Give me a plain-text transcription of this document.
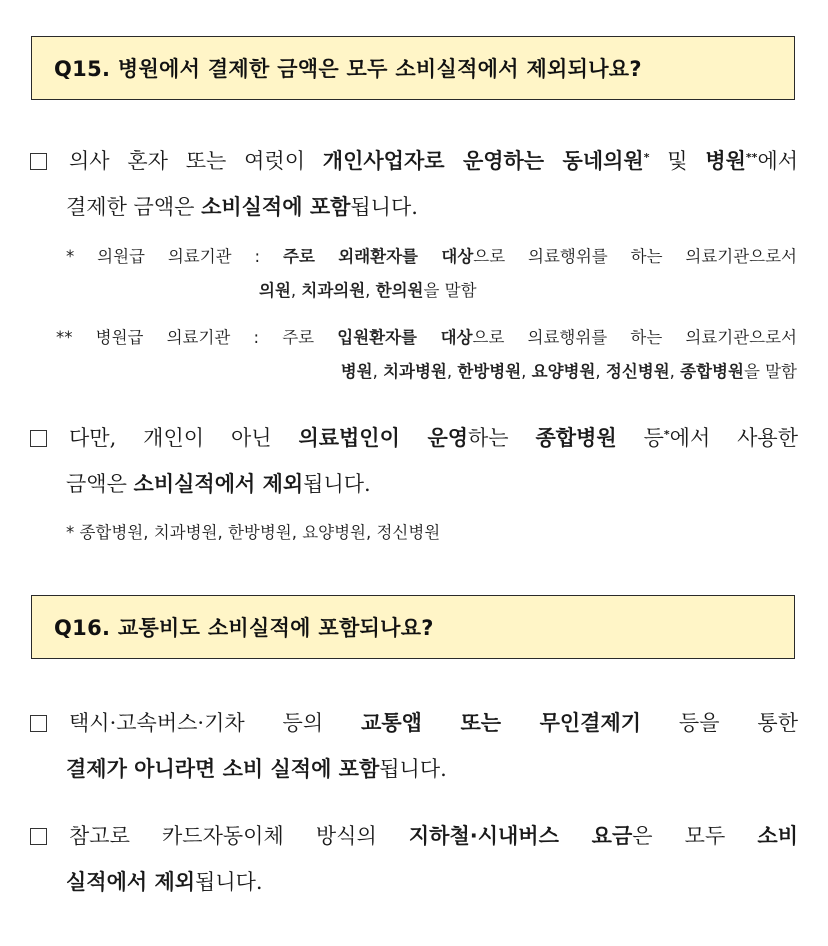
Q15. 병원에서 결제한 금액은 모두 소비실적에서 제외되나요?
의사 혼자 또는 여럿이 개인사업자로 운영하는 동네의원* 및 병원**에서
결제한 금액은 소비실적에 포함됩니다.
* 의원급 의료기관 : 주로 외래환자를 대상으로 의료행위를 하는 의료기관으로서
의원, 치과의원, 한의원을 말함
** 병원급 의료기관 : 주로 입원환자를 대상으로 의료행위를 하는 의료기관으로서
병원, 치과병원, 한방병원, 요양병원, 정신병원, 종합병원을 말함
다만, 개인이 아닌 의료법인이 운영하는 종합병원 등*에서 사용한
금액은 소비실적에서 제외됩니다.
* 종합병원, 치과병원, 한방병원, 요양병원, 정신병원
Q16. 교통비도 소비실적에 포함되나요?
택시·고속버스·기차 등의 교통앱 또는 무인결제기 등을 통한
결제가 아니라면 소비 실적에 포함됩니다.
참고로 카드자동이체 방식의 지하철·시내버스 요금은 모두 소비
실적에서 제외됩니다.
